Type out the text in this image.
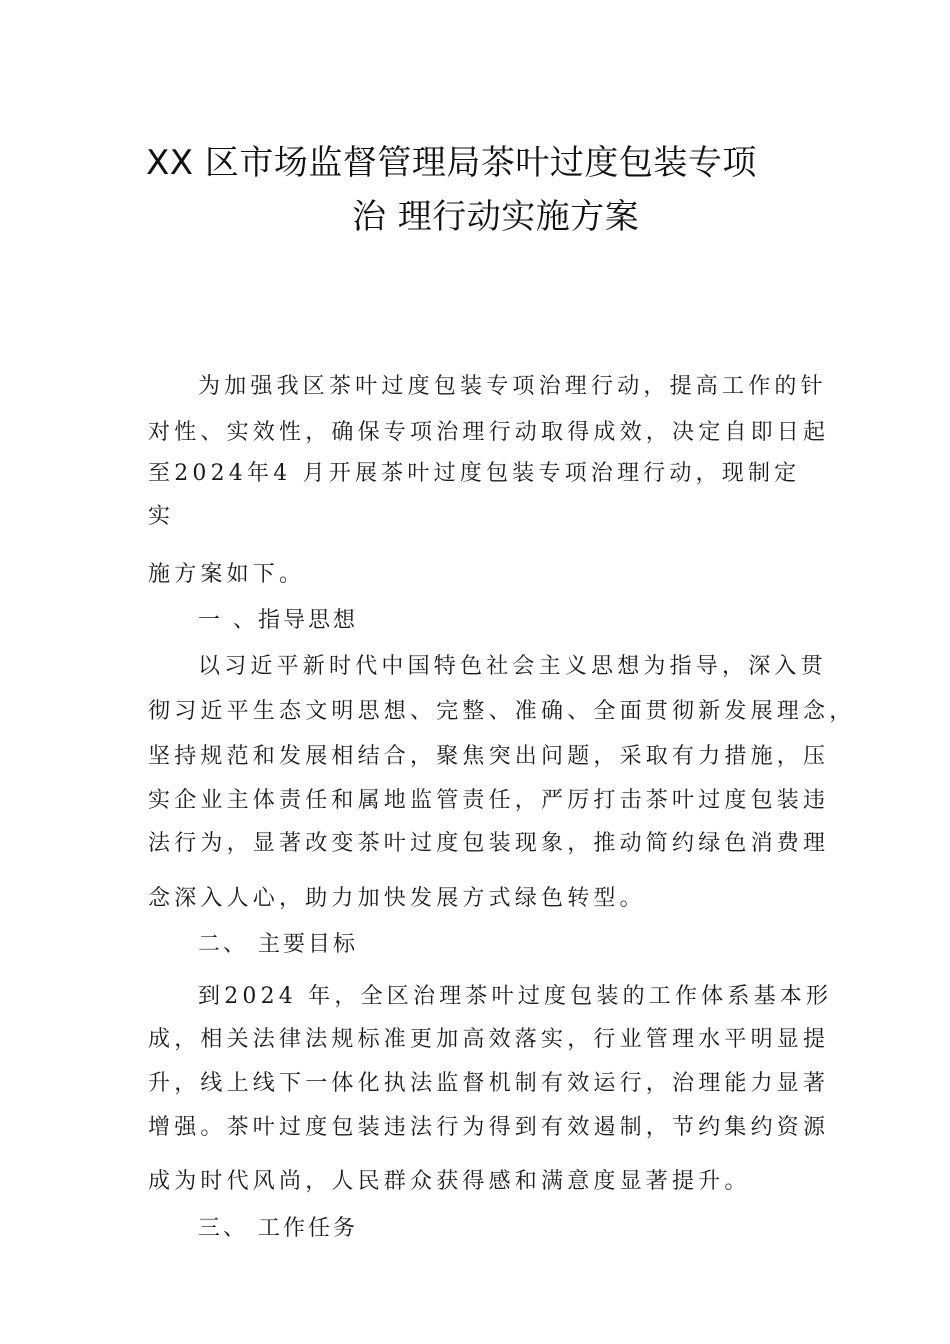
XX 区市场监督管理局茶叶过度包装专项
治 理行动实施方案
为加强我区茶叶过度包装专项治理行动，提高工作的针
对性、实效性，确保专项治理行动取得成效，决定自即日起
至2024年4 月开展茶叶过度包装专项治理行动，现制定
实
施方案如下。
一 、指导思想
以习近平新时代中国特色社会主义思想为指导，深入贯
彻习近平生态文明思想、完整、准确、全面贯彻新发展理念，
坚持规范和发展相结合，聚焦突出问题，采取有力措施，压
实企业主体责任和属地监管责任，严厉打击茶叶过度包装违
法行为，显著改变茶叶过度包装现象，推动简约绿色消费理
念深入人心，助力加快发展方式绿色转型。
二、 主要目标
到2024 年，全区治理茶叶过度包装的工作体系基本形
成，相关法律法规标准更加高效落实，行业管理水平明显提
升，线上线下一体化执法监督机制有效运行，治理能力显著
增强。茶叶过度包装违法行为得到有效遏制，节约集约资源
成为时代风尚，人民群众获得感和满意度显著提升。
三、 工作任务
